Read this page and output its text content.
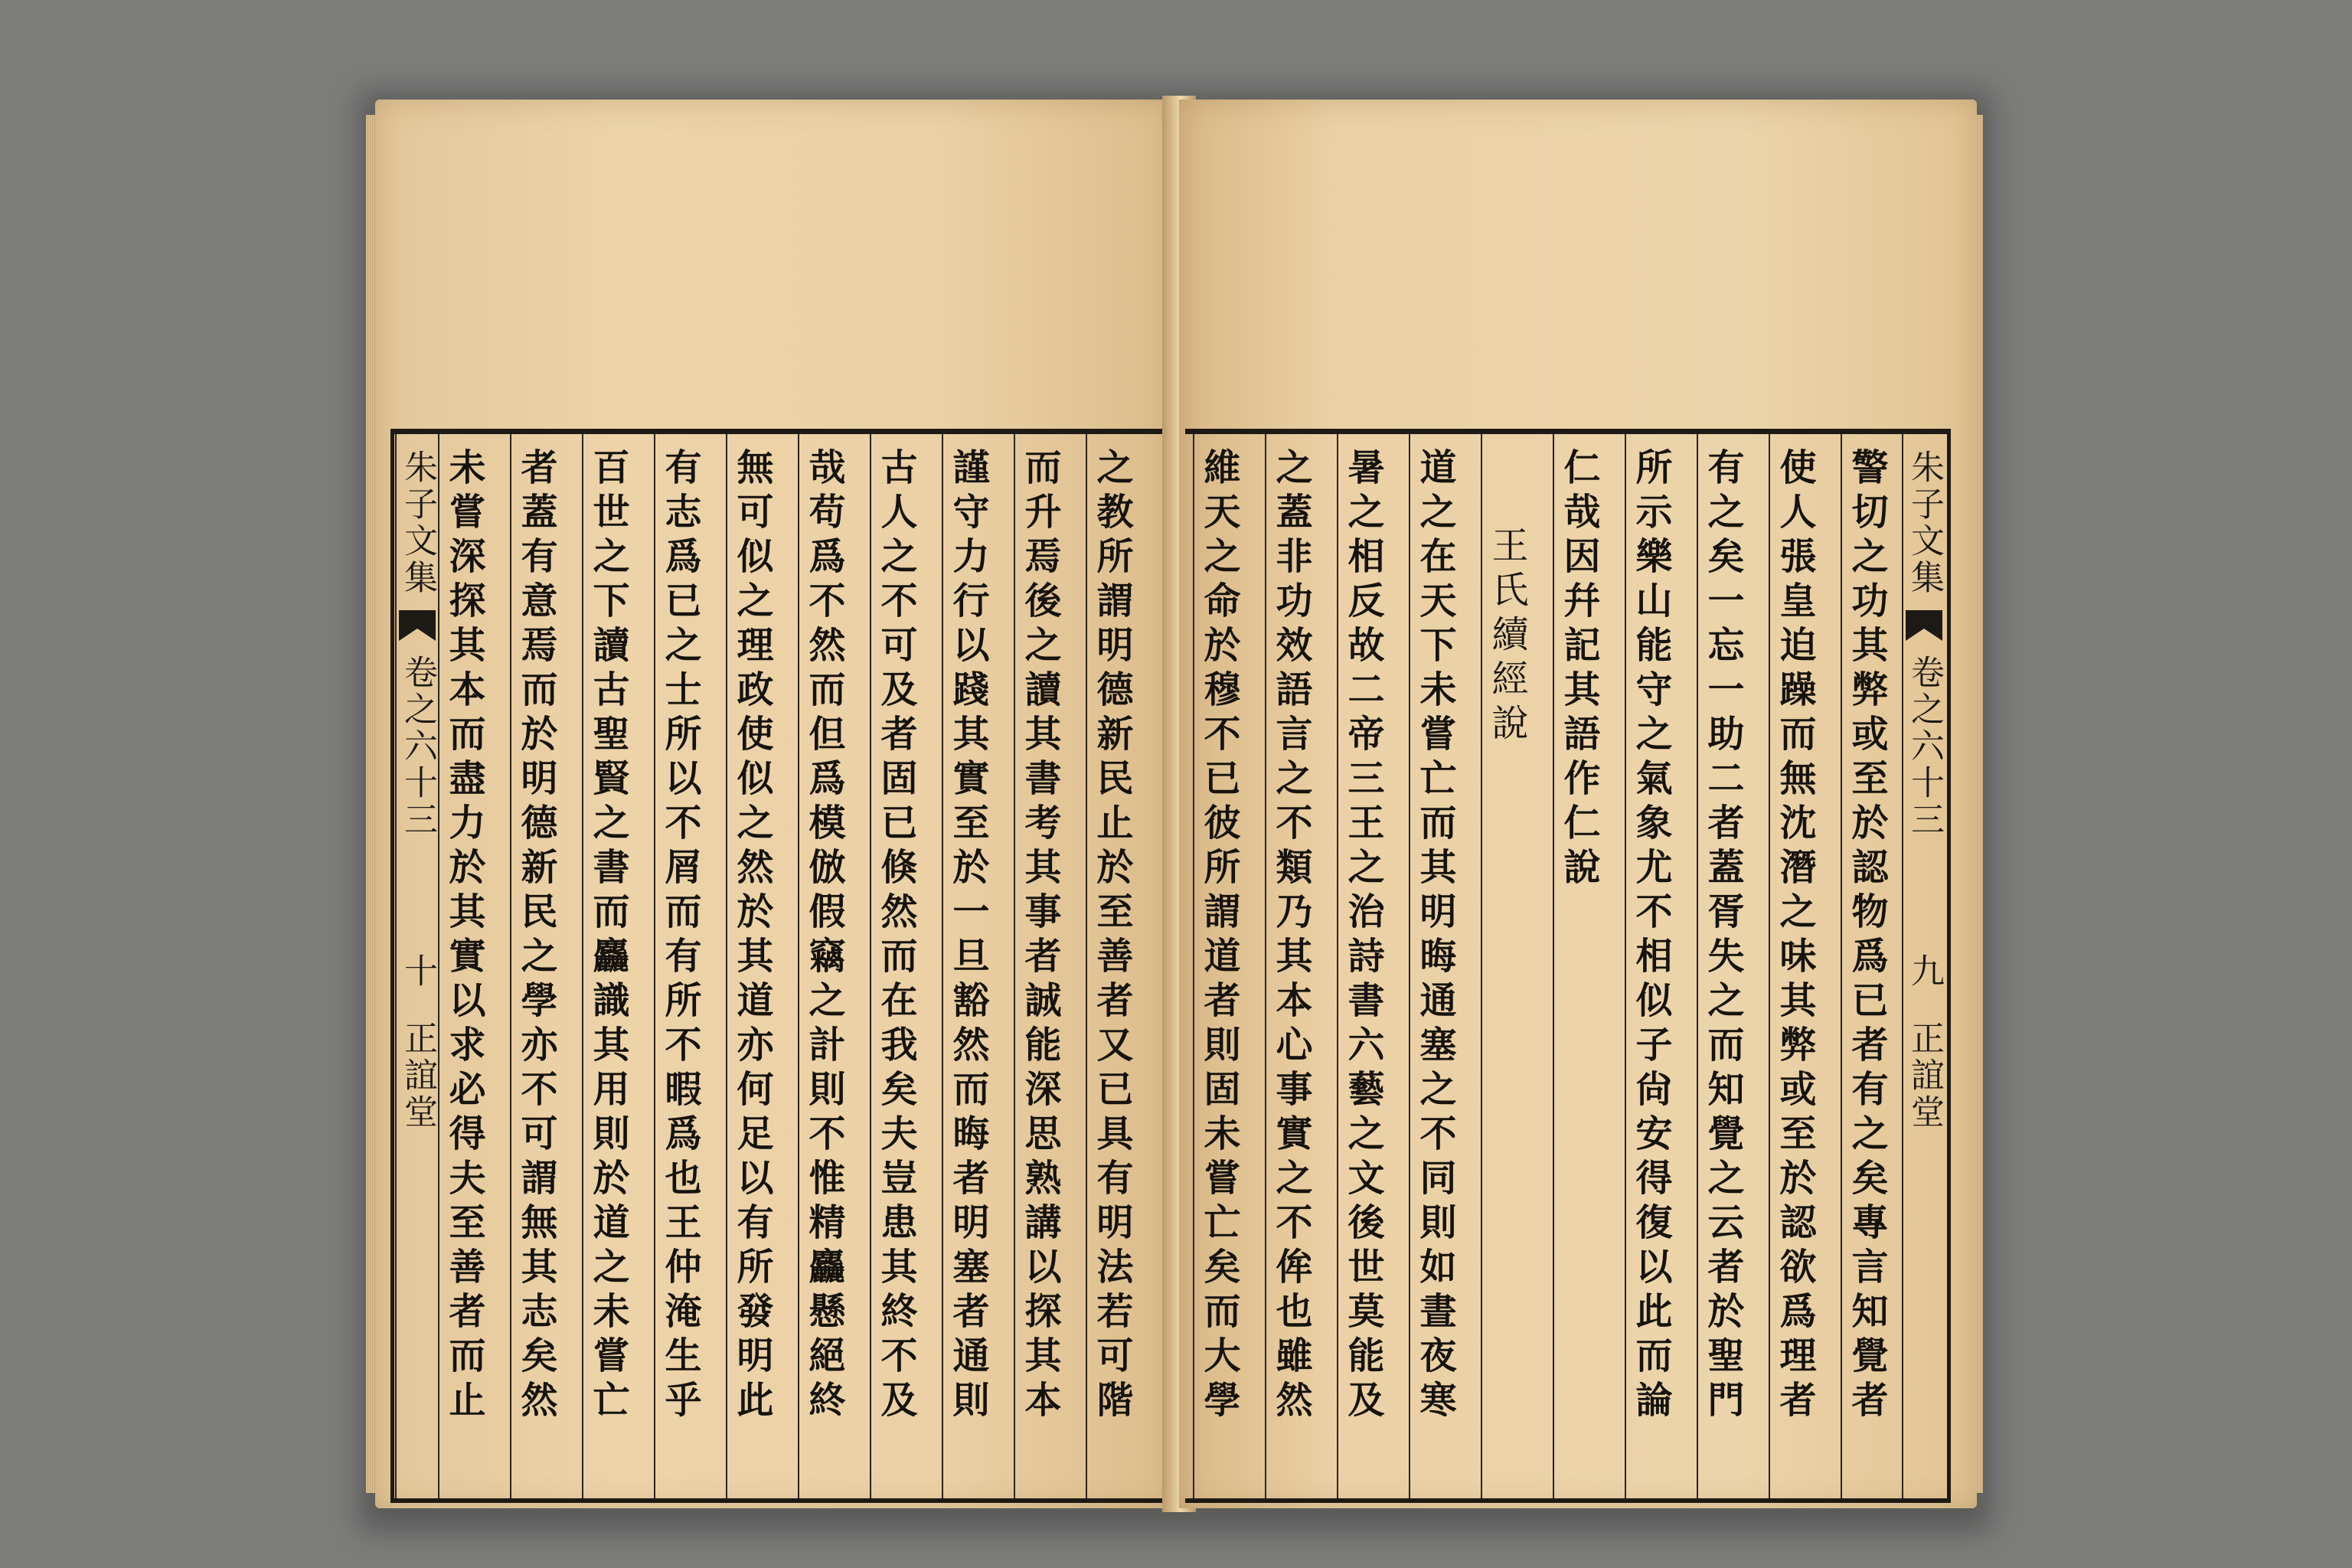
朱子文集
卷之六十三
十
正誼堂 未嘗深探其本而盡力於其實以求必得夫至善者而止 者蓋有意焉而於明德新民之學亦不可謂無其志矣然 百世之下讀古聖賢之書而麤識其用則於道之未嘗亡 有志爲已之士所以不屑而有所不暇爲也王仲淹生乎 無可似之理政使似之然於其道亦何足以有所發明此 哉苟爲不然而但爲模倣假竊之計則不惟精麤懸絕終 古人之不可及者固已倏然而在我矣夫豈患其終不及 謹守力行以踐其實至於一旦豁然而晦者明塞者通則 而升焉後之讀其書考其事者誠能深思熟講以探其本 之教所謂明德新民止於至善者又已具有明法若可階 維天之命於穆不已彼所謂道者則固未嘗亡矣而大學 之蓋非功效語言之不類乃其本心事實之不侔也雖然 暑之相反故二帝三王之治詩書六藝之文後世莫能及 道之在天下未嘗亡而其明晦通塞之不同則如晝夜寒 王氏續經說 仁哉因幷記其語作仁說 所示樂山能守之氣象尤不相似子尙安得復以此而論 有之矣一忘一助二者蓋胥失之而知覺之云者於聖門 使人張皇迫躁而無沈潛之味其弊或至於認欲爲理者 警切之功其弊或至於認物爲已者有之矣專言知覺者 朱子文集
卷之六十三
九
正誼堂
